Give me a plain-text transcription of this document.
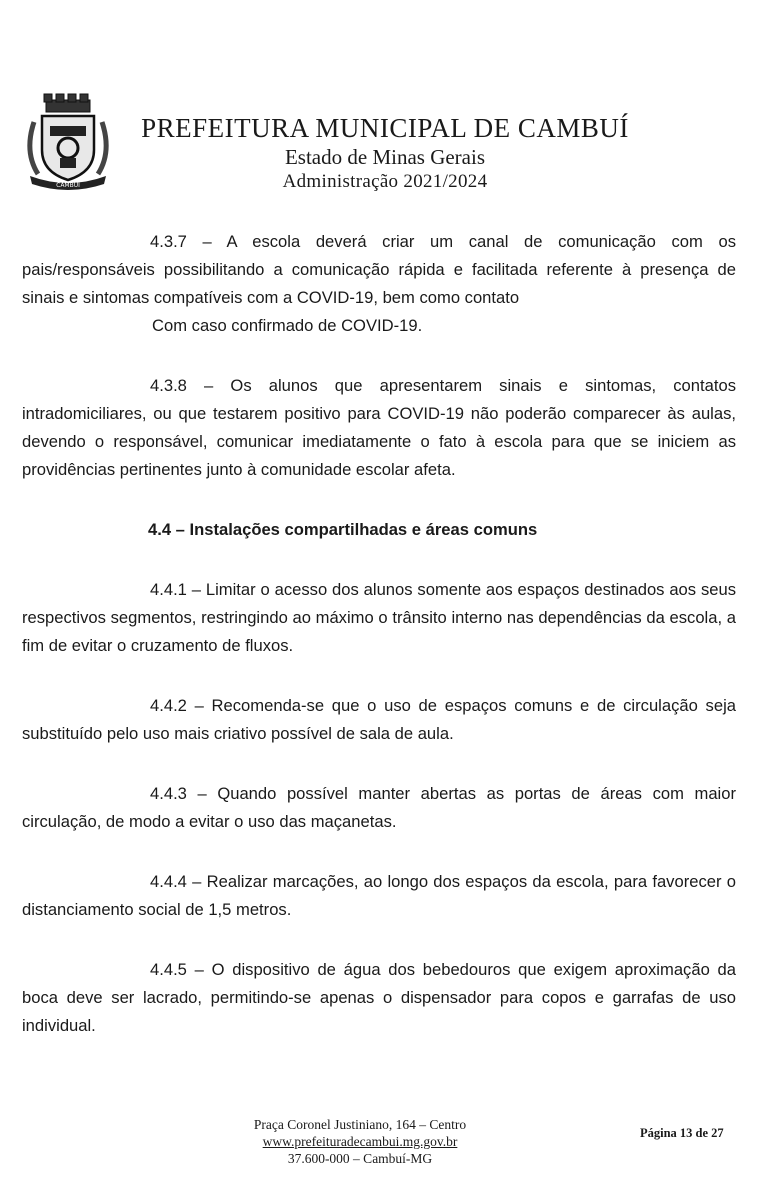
CAMBUÍ
PREFEITURA MUNICIPAL DE CAMBUÍ
Estado de Minas Gerais
Administração 2021/2024

4.3.7 – A escola deverá criar um canal de comunicação com os pais/responsáveis possibilitando a comunicação rápida e facilitada referente à presença de sinais e sintomas compatíveis com a COVID-19, bem como contato

Com caso confirmado de COVID-19.

4.3.8 – Os alunos que apresentarem sinais e sintomas, contatos intradomiciliares, ou que testarem positivo para COVID-19 não poderão comparecer às aulas, devendo o responsável, comunicar imediatamente o fato à escola para que se iniciem as providências pertinentes junto à comunidade escolar afeta.

4.4 – Instalações compartilhadas e áreas comuns

4.4.1 – Limitar o acesso dos alunos somente aos espaços destinados aos seus respectivos segmentos, restringindo ao máximo o trânsito interno nas dependências da escola, a fim de evitar o cruzamento de fluxos.

4.4.2 – Recomenda-se que o uso de espaços comuns e de circulação seja substituído pelo uso mais criativo possível de sala de aula.

4.4.3 – Quando possível manter abertas as portas de áreas com maior circulação, de modo a evitar o uso das maçanetas.

4.4.4 – Realizar marcações, ao longo dos espaços da escola, para favorecer o distanciamento social de 1,5 metros.

4.4.5 – O dispositivo de água dos bebedouros que exigem aproximação da boca deve ser lacrado, permitindo-se apenas o dispensador para copos e garrafas de uso individual.

Praça Coronel Justiniano, 164 – Centro
www.prefeituradecambui.mg.gov.br
37.600-000 – Cambuí-MG
Página 13 de 27
